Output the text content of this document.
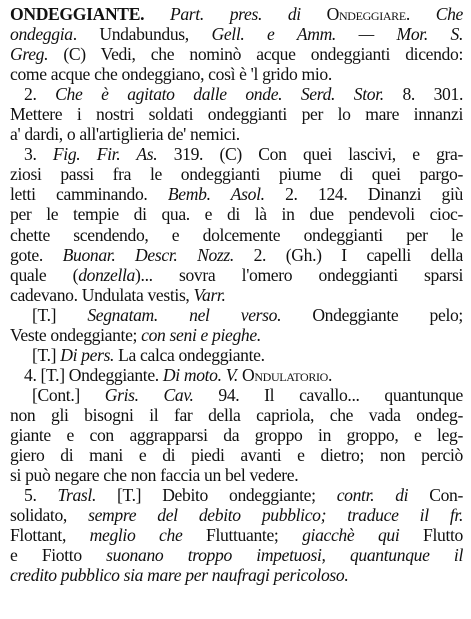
ONDEGGIANTE. Part. pres. di Ondeggiare. Che
ondeggia. Undabundus, Gell. e Amm. — Mor. S.
Greg. (C) Vedi, che nominò acque ondeggianti dicendo:
come acque che ondeggiano, così è 'l grido mio.
2. Che è agitato dalle onde. Serd. Stor. 8. 301.
Mettere i nostri soldati ondeggianti per lo mare innanzi
a' dardi, o all'artiglieria de' nemici.
3. Fig. Fir. As. 319. (C) Con quei lascivi, e gra-
ziosi passi fra le ondeggianti piume di quei pargo-
letti camminando. Bemb. Asol. 2. 124. Dinanzi giù
per le tempie di qua. e di là in due pendevoli cioc-
chette scendendo, e dolcemente ondeggianti per le
gote. Buonar. Descr. Nozz. 2. (Gh.) I capelli della
quale (donzella)... sovra l'omero ondeggianti sparsi
cadevano. Undulata vestis, Varr.
[T.] Segnatam. nel verso. Ondeggiante pelo;
Veste ondeggiante; con seni e pieghe.
[T.] Di pers. La calca ondeggiante.
4. [T.] Ondeggiante. Di moto. V. Ondulatorio.
[Cont.] Gris. Cav. 94. Il cavallo... quantunque
non gli bisogni il far della capriola, che vada ondeg-
giante e con aggrapparsi da groppo in groppo, e leg-
giero di mani e di piedi avanti e dietro; non perciò
si può negare che non faccia un bel vedere.
5. Trasl. [T.] Debito ondeggiante; contr. di Con-
solidato, sempre del debito pubblico; traduce il fr.
Flottant, meglio che Fluttuante; giacchè qui Flutto
e Fiotto suonano troppo impetuosi, quantunque il
credito pubblico sia mare per naufragi pericoloso.
